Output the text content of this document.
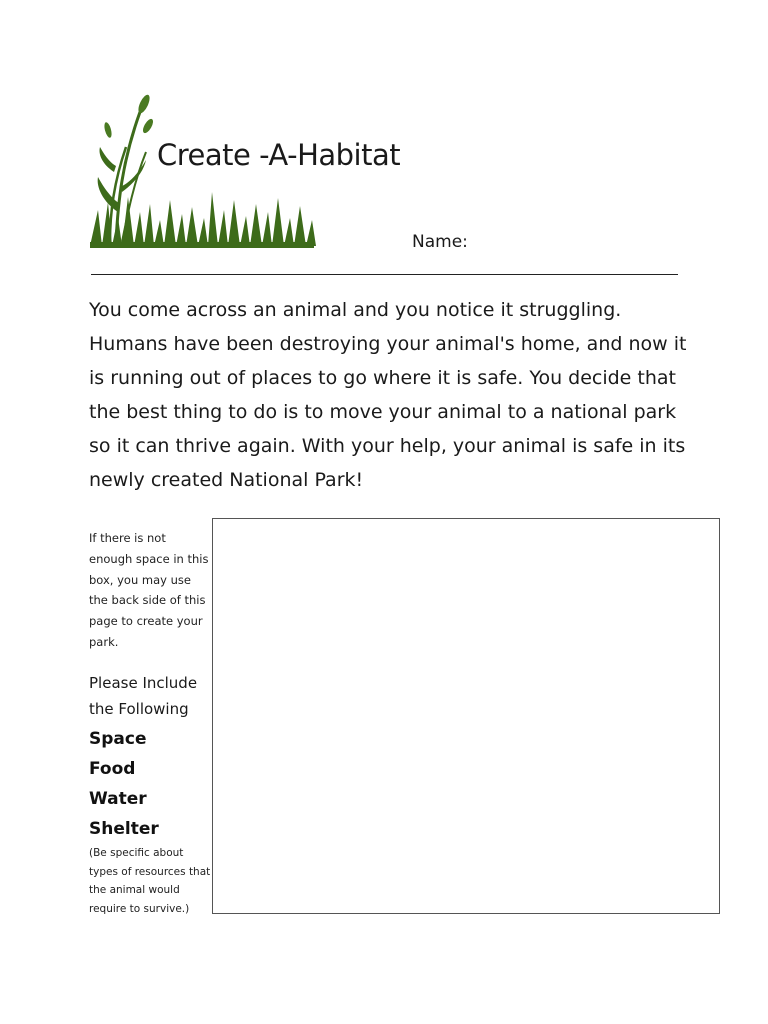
Create -A-Habitat
Name:

You come across an animal and you notice it struggling. Humans have been destroying your animal's home, and now it is running out of places to go where it is safe. You decide that the best thing to do is to move your animal to a national park so it can thrive again. With your help, your animal is safe in its newly created National Park!

If there is not enough space in this box, you may use the back side of this page to create your park.

Please Include the Following

Space
Food
Water
Shelter

(Be specific about types of resources that the animal would require to survive.)
